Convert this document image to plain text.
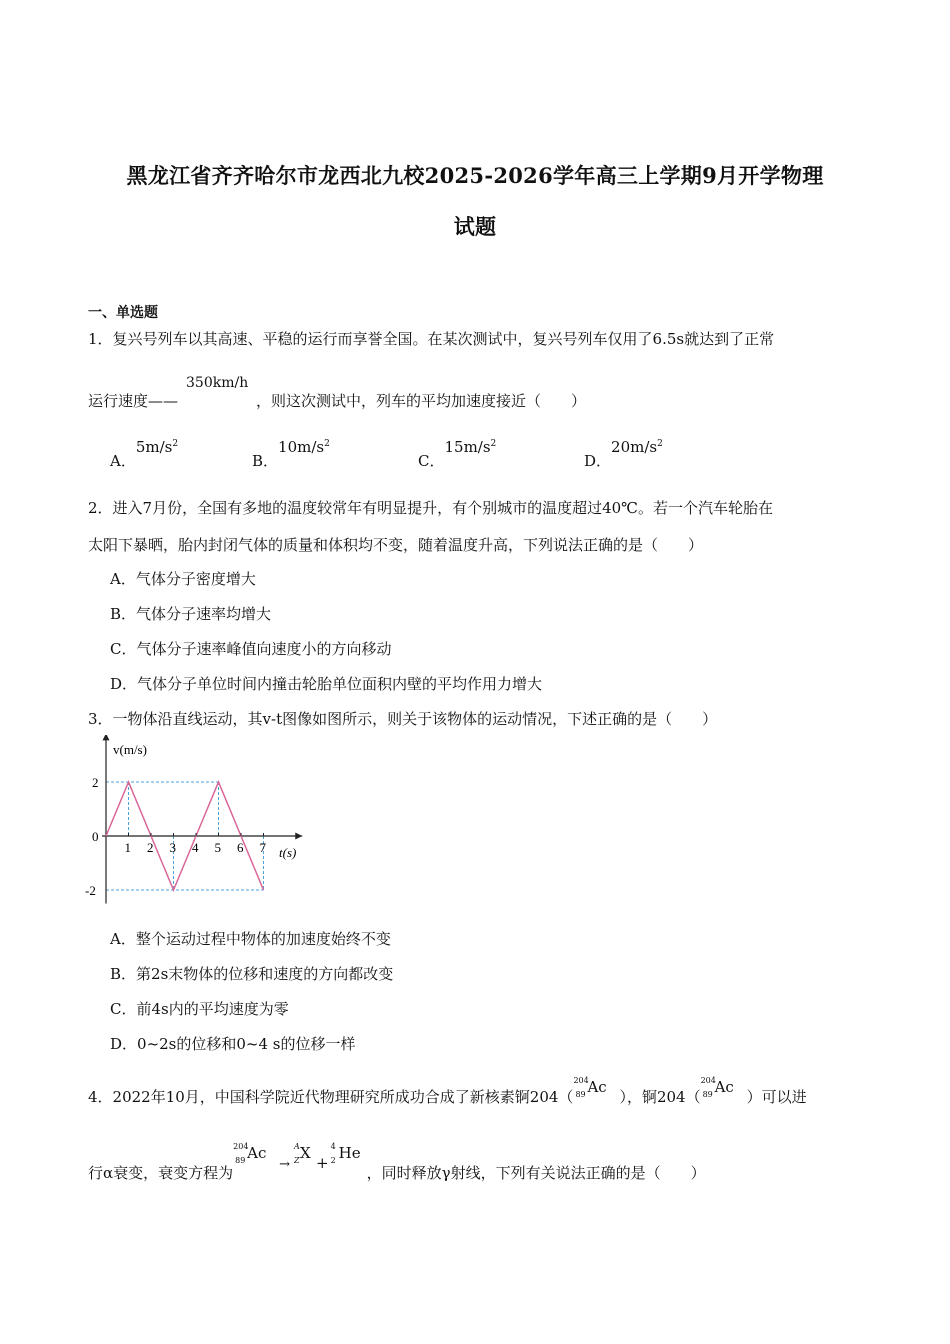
黑龙江省齐齐哈尔市龙西北九校2025-2026学年高三上学期9月开学物理
试题
一、单选题
1．复兴号列车以其高速、平稳的运行而享誉全国。在某次测试中，复兴号列车仅用了6.5s就达到了正常
350km/h
运行速度——	，则这次测试中，列车的平均加速度接近（　　）
A．$5m/s^2$
B．$10m/s^2$
C．$15m/s^2$
D．$20m/s^2$
2．进入7月份，全国有多地的温度较常年有明显提升，有个别城市的温度超过40℃。若一个汽车轮胎在
太阳下暴晒，胎内封闭气体的质量和体积均不变，随着温度升高，下列说法正确的是（　　）
A．气体分子密度增大
B．气体分子速率均增大
C．气体分子速率峰值向速度小的方向移动
D．气体分子单位时间内撞击轮胎单位面积内壁的平均作用力增大
3．一物体沿直线运动，其v-t图像如图所示，则关于该物体的运动情况，下述正确的是（　　）
1 2 3 4 5 6 7
2
0
-2
v(m/s)
t(s)
A．整个运动过程中物体的加速度始终不变
B．第2s末物体的位移和速度的方向都改变
C．前4s内的平均速度为零
D．0~2s的位移和0~4 s的位移一样
4．2022年10月，中国科学院近代物理研究所成功合成了新核素锕204（
204
89 Ac
），锕204（
204
89 Ac
）可以进
行α衰变，衰变方程为
204
89 Ac
→
A
Z X
+
4
2 He
，同时释放γ射线，下列有关说法正确的是（　　）
